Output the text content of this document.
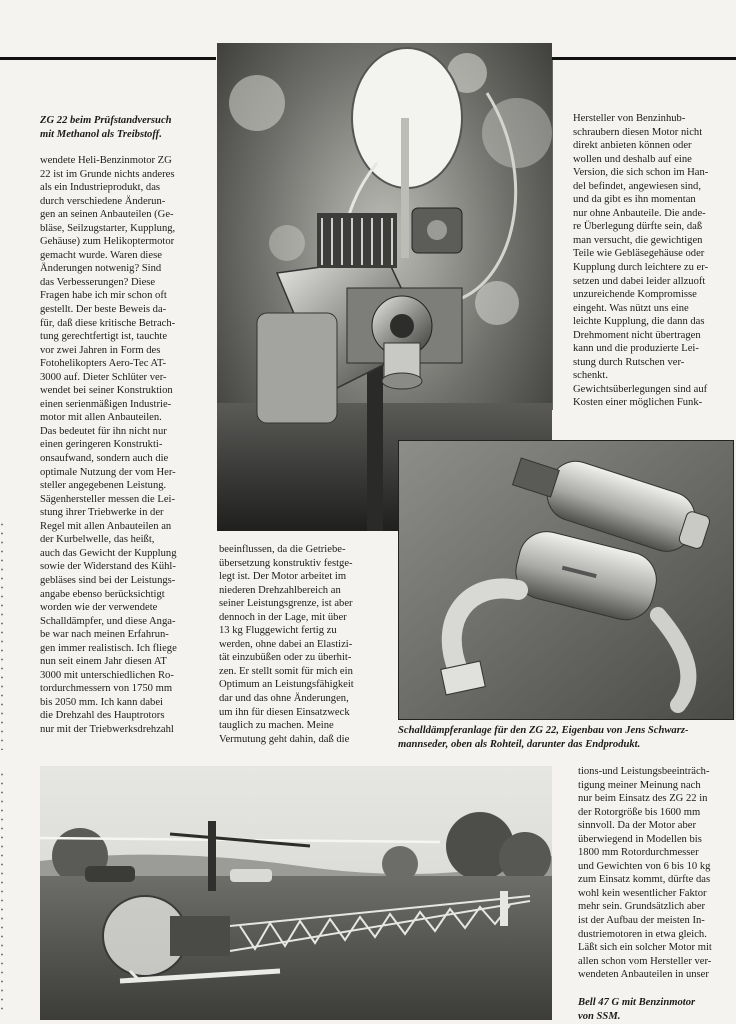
ZG 22 beim Prüfstandversuch
mit Methanol als Treibstoff.

wendete Heli-Benzinmotor ZG
22 ist im Grunde nichts anderes
als ein Industrieprodukt, das
durch verschiedene Änderun-
gen an seinen Anbauteilen (Ge-
bläse, Seilzugstarter, Kupplung,
Gehäuse) zum Helikoptermotor
gemacht wurde. Waren diese
Änderungen notwenig? Sind
das Verbesserungen? Diese
Fragen habe ich mir schon oft
gestellt. Der beste Beweis da-
für, daß diese kritische Betrach-
tung gerechtfertigt ist, tauchte
vor zwei Jahren in Form des
Fotohelikopters Aero-Tec AT-
3000 auf. Dieter Schlüter ver-
wendet bei seiner Konstruktion
einen serienmäßigen Industrie-
motor mit allen Anbauteilen.
Das bedeutet für ihn nicht nur
einen geringeren Konstrukti-
onsaufwand, sondern auch die
optimale Nutzung der vom Her-
steller angegebenen Leistung.
Sägenhersteller messen die Lei-
stung ihrer Triebwerke in der
Regel mit allen Anbauteilen an
der Kurbelwelle, das heißt,
auch das Gewicht der Kupplung
sowie der Widerstand des Kühl-
gebläses sind bei der Leistungs-
angabe ebenso berücksichtigt
worden wie der verwendete
Schalldämpfer, und diese Anga-
be war nach meinen Erfahrun-
gen immer realistisch. Ich fliege
nun seit einem Jahr diesen AT
3000 mit unterschiedlichen Ro-
tordurchmessern von 1750 mm
bis 2050 mm. Ich kann dabei
die Drehzahl des Hauptrotors
nur mit der Triebwerksdrehzahl

beeinflussen, da die Getriebe-
übersetzung konstruktiv festge-
legt ist. Der Motor arbeitet im
niederen Drehzahlbereich an
seiner Leistungsgrenze, ist aber
dennoch in der Lage, mit über
13 kg Fluggewicht fertig zu
werden, ohne dabei an Elastizi-
tät einzubüßen oder zu überhit-
zen. Er stellt somit für mich ein
Optimum an Leistungsfähigkeit
dar und das ohne Änderungen,
um ihn für diesen Einsatzweck
tauglich zu machen. Meine
Vermutung geht dahin, daß die

Hersteller von Benzinhub-
schraubern diesen Motor nicht
direkt anbieten können oder
wollen und deshalb auf eine
Version, die sich schon im Han-
del befindet, angewiesen sind,
und da gibt es ihn momentan
nur ohne Anbauteile. Die ande-
re Überlegung dürfte sein, daß
man versucht, die gewichtigen
Teile wie Gebläsegehäuse oder
Kupplung durch leichtere zu er-
setzen und dabei leider allzuoft
unzureichende Kompromisse
eingeht. Was nützt uns eine
leichte Kupplung, die dann das
Drehmoment nicht übertragen
kann und die produzierte Lei-
stung durch Rutschen ver-
schenkt.
Gewichtsüberlegungen sind auf
Kosten einer möglichen Funk-

Schalldämpferanlage für den ZG 22, Eigenbau von Jens Schwarz-
mannseder, oben als Rohteil, darunter das Endprodukt.

tions-und Leistungsbeeinträch-
tigung meiner Meinung nach
nur beim Einsatz des ZG 22 in
der Rotorgröße bis 1600 mm
sinnvoll. Da der Motor aber
überwiegend in Modellen bis
1800 mm Rotordurchmesser
und Gewichten von 6 bis 10 kg
zum Einsatz kommt, dürfte das
wohl kein wesentlicher Faktor
mehr sein. Grundsätzlich aber
ist der Aufbau der meisten In-
dustriemotoren in etwa gleich.
Läßt sich ein solcher Motor mit
allen schon vom Hersteller ver-
wendeten Anbauteilen in unser

Bell 47 G mit Benzinmotor
von SSM.
